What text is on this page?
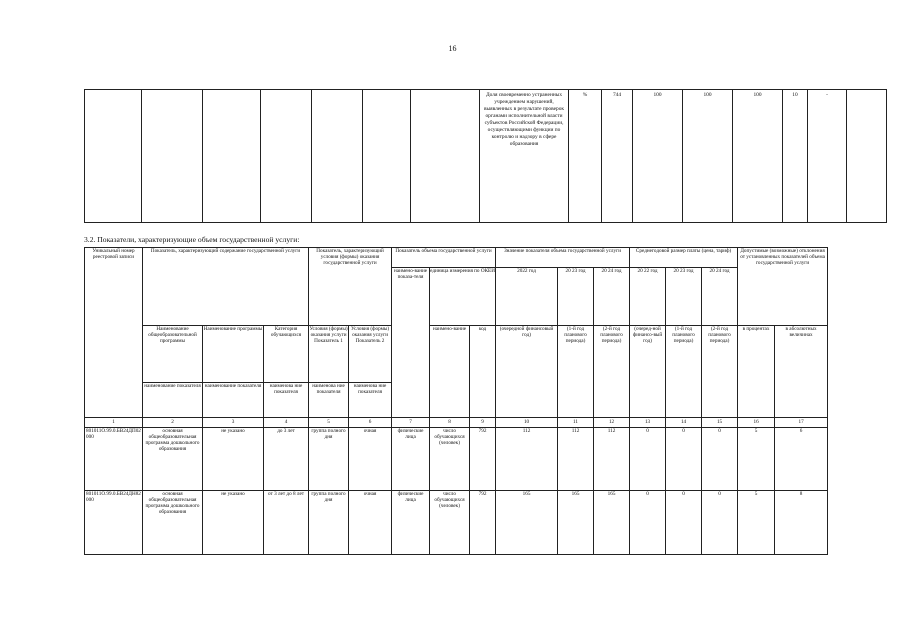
16
							Доля своевременно устраненных учреждением нарушений, выявленных в результате проверок органами исполнительной власти субъектов Российской Федерации, осуществляющими функции по контролю и надзору в сфере образования	%	744	100	100	100	10	-	
3.2. Показатели, характеризующие объем государственной услуги:
Уникальный номер реестровой записи	Показатель, характеризующий содержание государственной услуги			Показатель, характеризующий условия (формы) оказания государственной услуги		Показатель объема государственной услуги			Значение показателя объема государственной услуги			Среднегодовой размер платы (цена, тариф)			Допустимые (возможные) отклонения от установленных показателей объема государственной услуги	
						наимено-вание показа-теля	единица измерения по ОКЕИ		2022 год	20 23 год	20 24 год	20 22 год	20 23 год	20 24 год		
	Наименование общеобразовательной программы	Наименование программы	Категория обучающихся	Условия (формы) оказания услуги Показатель 1	Условия (формы) оказания услуги Показатель 2		наимено-вание	код	(очередной финансовый год)	(1-й год планового периода)	(2-й год планового периода)	(очеред-ной финансо-вый год)	(1-й год планового периода)	(2-й год планового периода)	в процентах	в абсолютных величинах
	наименование показателя	наименование показателя	наименова ние показателя	наименова ние показателя	наименова ние показателя											
1	2	3	4	5	6	7	8	9	10	11	12	13	14	15	16	17
801011О.99.0.БВ24ДП02000	основная общеобразовательная программа дошкольного образования	не указано	до 3 лет	группа полного дня	очная	физические лица	число обучающихся (человек)	792	112	112	112	0	0	0	5	6
801011О.99.0.БВ24ДН82000	основная общеобразовательная программа дошкольного образования	не указано	от 3 лет до 8 лет	группа полного дня	очная	физические лица	число обучающихся (человек)	792	165	165	165	0	0	0	5	8
